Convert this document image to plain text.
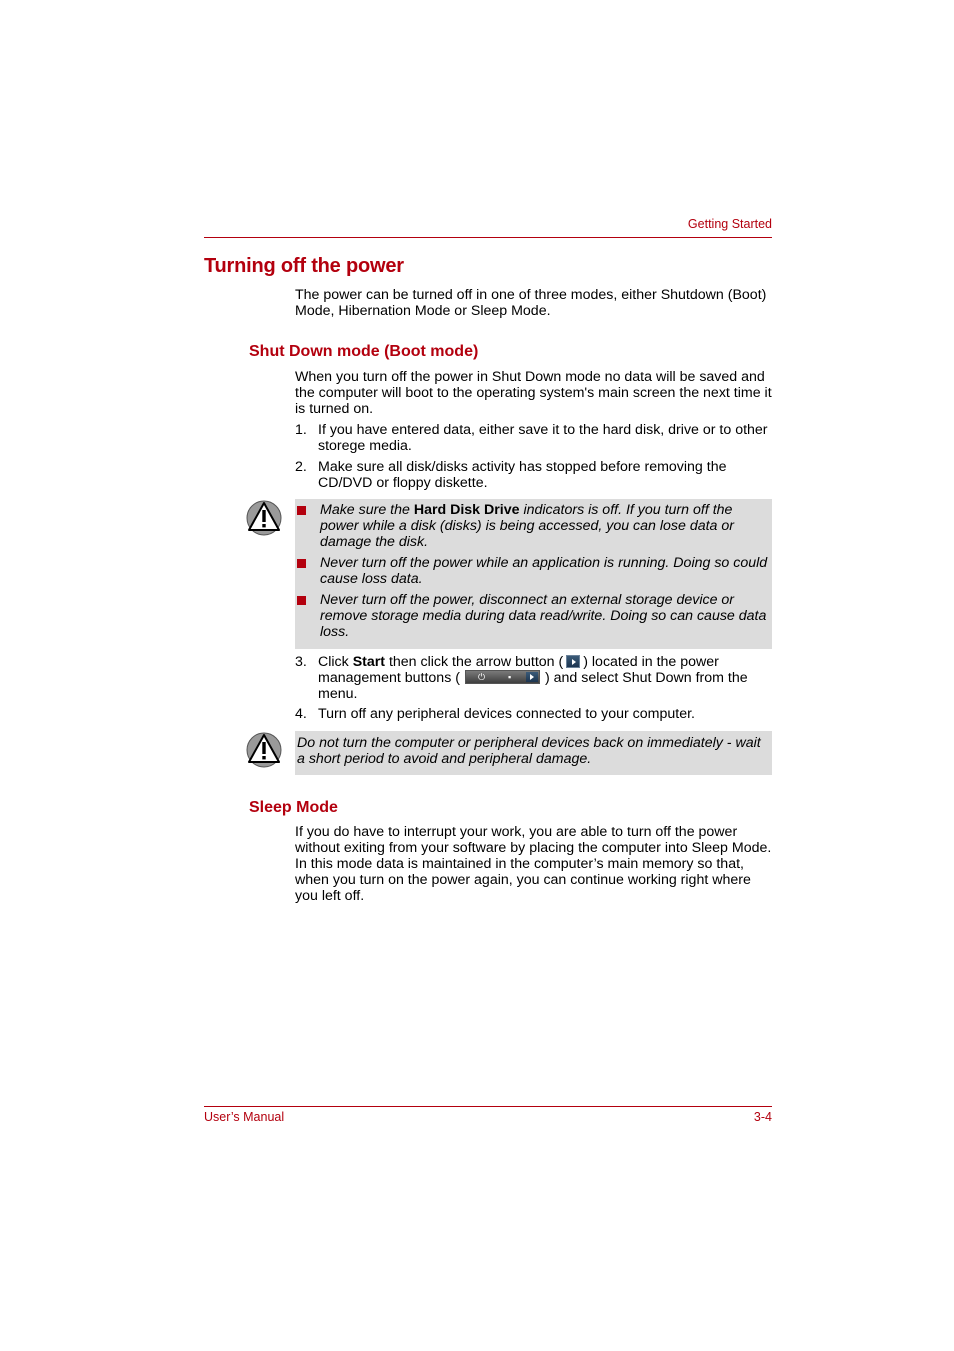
Getting Started
Turning off the power

The power can be turned off in one of three modes, either Shutdown (Boot) Mode, Hibernation Mode or Sleep Mode.

Shut Down mode (Boot mode)

When you turn off the power in Shut Down mode no data will be saved and the computer will boot to the operating system's main screen the next time it is turned on.

1. If you have entered data, either save it to the hard disk, drive or to other storege media.
2. Make sure all disk/disks activity has stopped before removing the CD/DVD or floppy diskette.
Make sure the Hard Disk Drive indicators is off. If you turn off the power while a disk (disks) is being accessed, you can lose data or damage the disk.
Never turn off the power while an application is running. Doing so could cause loss data.
Never turn off the power, disconnect an external storage device or remove storage media during data read/write. Doing so can cause data loss.
3. Click Start then click the arrow button ( ) located in the power management buttons ( ⏻	▪ ) and select Shut Down from the menu.
4. Turn off any peripheral devices connected to your computer.
Do not turn the computer or peripheral devices back on immediately - wait a short period to avoid and peripheral damage.
Sleep Mode

If you do have to interrupt your work, you are able to turn off the power without exiting from your software by placing the computer into Sleep Mode. In this mode data is maintained in the computer’s main memory so that, when you turn on the power again, you can continue working right where you left off.

User’s Manual	3-4
